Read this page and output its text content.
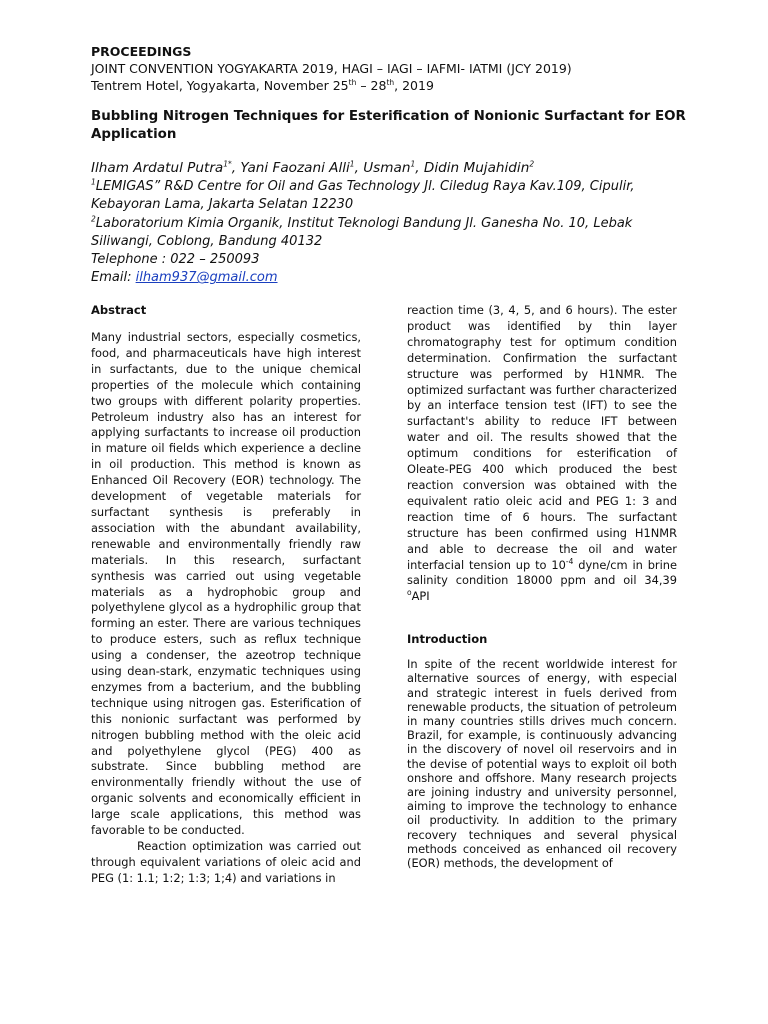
PROCEEDINGS
JOINT CONVENTION YOGYAKARTA 2019, HAGI – IAGI – IAFMI- IATMI (JCY 2019)
Tentrem Hotel, Yogyakarta, November 25th – 28th, 2019
Bubbling Nitrogen Techniques for Esterification of Nonionic Surfactant for EOR Application
Ilham Ardatul Putra$^{1*}$, Yani Faozani Alli$^1$, Usman$^1$, Didin Mujahidin$^2$
$^1$LEMIGAS” R&D Centre for Oil and Gas Technology Jl. Ciledug Raya Kav.109, Cipulir, Kebayoran Lama, Jakarta Selatan 12230
$^2$Laboratorium Kimia Organik, Institut Teknologi Bandung Jl. Ganesha No. 10, Lebak Siliwangi, Coblong, Bandung 40132
Telephone : 022 – 250093
Email: ilham937@gmail.com
Abstract

Many industrial sectors, especially cosmetics, food, and pharmaceuticals have high interest in surfactants, due to the unique chemical properties of the molecule which containing two groups with different polarity properties. Petroleum industry also has an interest for applying surfactants to increase oil production in mature oil fields which experience a decline in oil production. This method is known as Enhanced Oil Recovery (EOR) technology. The development of vegetable materials for surfactant synthesis is preferably in association with the abundant availability, renewable and environmentally friendly raw materials. In this research, surfactant synthesis was carried out using vegetable materials as a hydrophobic group and polyethylene glycol as a hydrophilic group that forming an ester. There are various techniques to produce esters, such as reflux technique using a condenser, the azeotrop technique using dean-stark, enzymatic techniques using enzymes from a bacterium, and the bubbling technique using nitrogen gas. Esterification of this nonionic surfactant was performed by nitrogen bubbling method with the oleic acid and polyethylene glycol (PEG) 400 as substrate. Since bubbling method are environmentally friendly without the use of organic solvents and economically efficient in large scale applications, this method was favorable to be conducted.

Reaction optimization was carried out through equivalent variations of oleic acid and PEG (1: 1.1; 1:2; 1:3; 1;4) and variations in

reaction time (3, 4, 5, and 6 hours). The ester product was identified by thin layer chromatography test for optimum condition determination. Confirmation the surfactant structure was performed by H1NMR. The optimized surfactant was further characterized by an interface tension test (IFT) to see the surfactant's ability to reduce IFT between water and oil. The results showed that the optimum conditions for esterification of Oleate-PEG 400 which produced the best reaction conversion was obtained with the equivalent ratio oleic acid and PEG 1: 3 and reaction time of 6 hours. The surfactant structure has been confirmed using H1NMR and able to decrease the oil and water interfacial tension up to $10^{-4}$ dyne/cm in brine salinity condition 18000 ppm and oil 34,39 $^o$API

Introduction

In spite of the recent worldwide interest for alternative sources of energy, with especial and strategic interest in fuels derived from renewable products, the situation of petroleum in many countries stills drives much concern. Brazil, for example, is continuously advancing in the discovery of novel oil reservoirs and in the devise of potential ways to exploit oil both onshore and offshore. Many research projects are joining industry and university personnel, aiming to improve the technology to enhance oil productivity. In addition to the primary recovery techniques and several physical methods conceived as enhanced oil recovery (EOR) methods, the development of
